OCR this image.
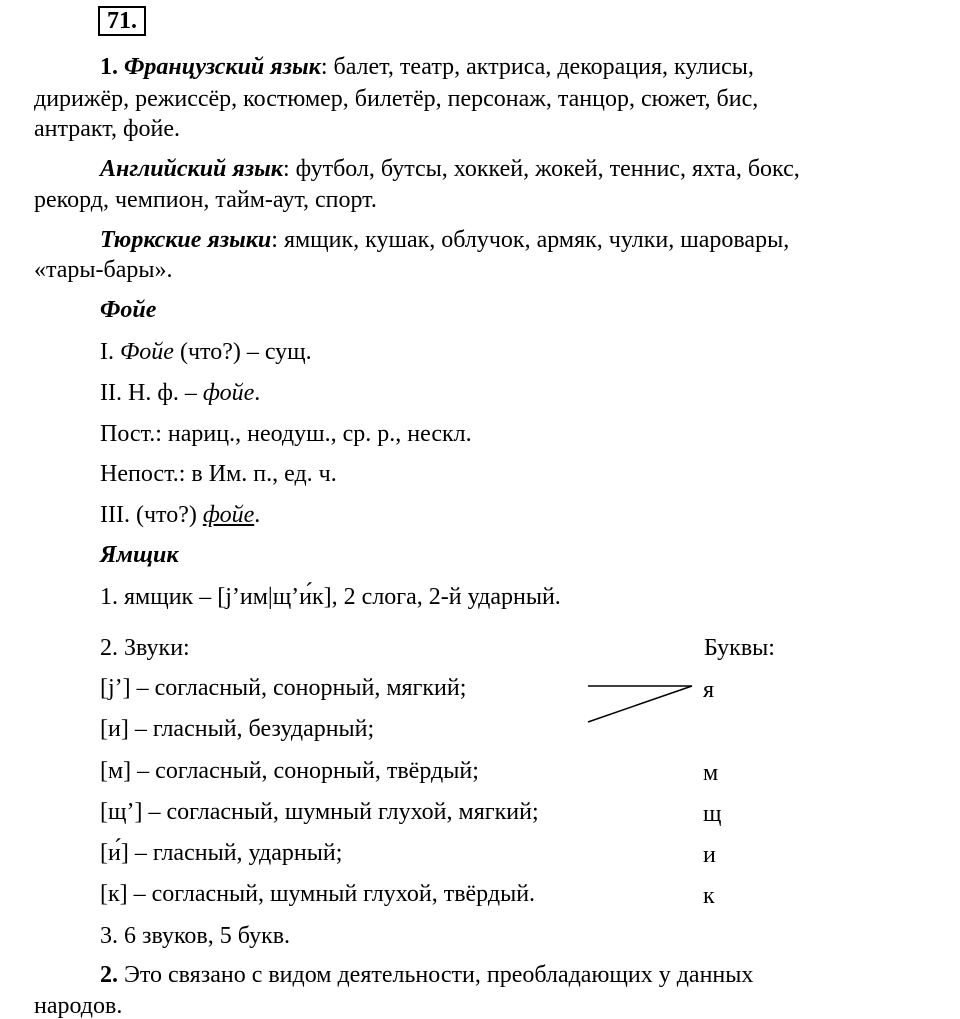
71.
1. Французский язык: балет, театр, актриса, декорация, кулисы,
дирижёр, режиссёр, костюмер, билетёр, персонаж, танцор, сюжет, бис,
антракт, фойе.
Английский язык: футбол, бутсы, хоккей, жокей, теннис, яхта, бокс,
рекорд, чемпион, тайм-аут, спорт.
Тюркские языки: ямщик, кушак, облучок, армяк, чулки, шаровары,
«тары-бары».
Фойе
I. Фойе (что?) – сущ.
II. Н. ф. – фойе.
Пост.: нариц., неодуш., ср. р., нескл.
Непост.: в Им. п., ед. ч.
III. (что?) фойе.
Ямщик
1. ямщик – [j’им|щ’и́к], 2 слога, 2-й ударный.
2. Звуки:	Буквы:
[j’] – согласный, сонорный, мягкий;	я
[и] – гласный, безударный;
[м] – согласный, сонорный, твёрдый;	м
[щ’] – согласный, шумный глухой, мягкий;	щ
[и́] – гласный, ударный;	и
[к] – согласный, шумный глухой, твёрдый.	к
3. 6 звуков, 5 букв.
2. Это связано с видом деятельности, преобладающих у данных
народов.
